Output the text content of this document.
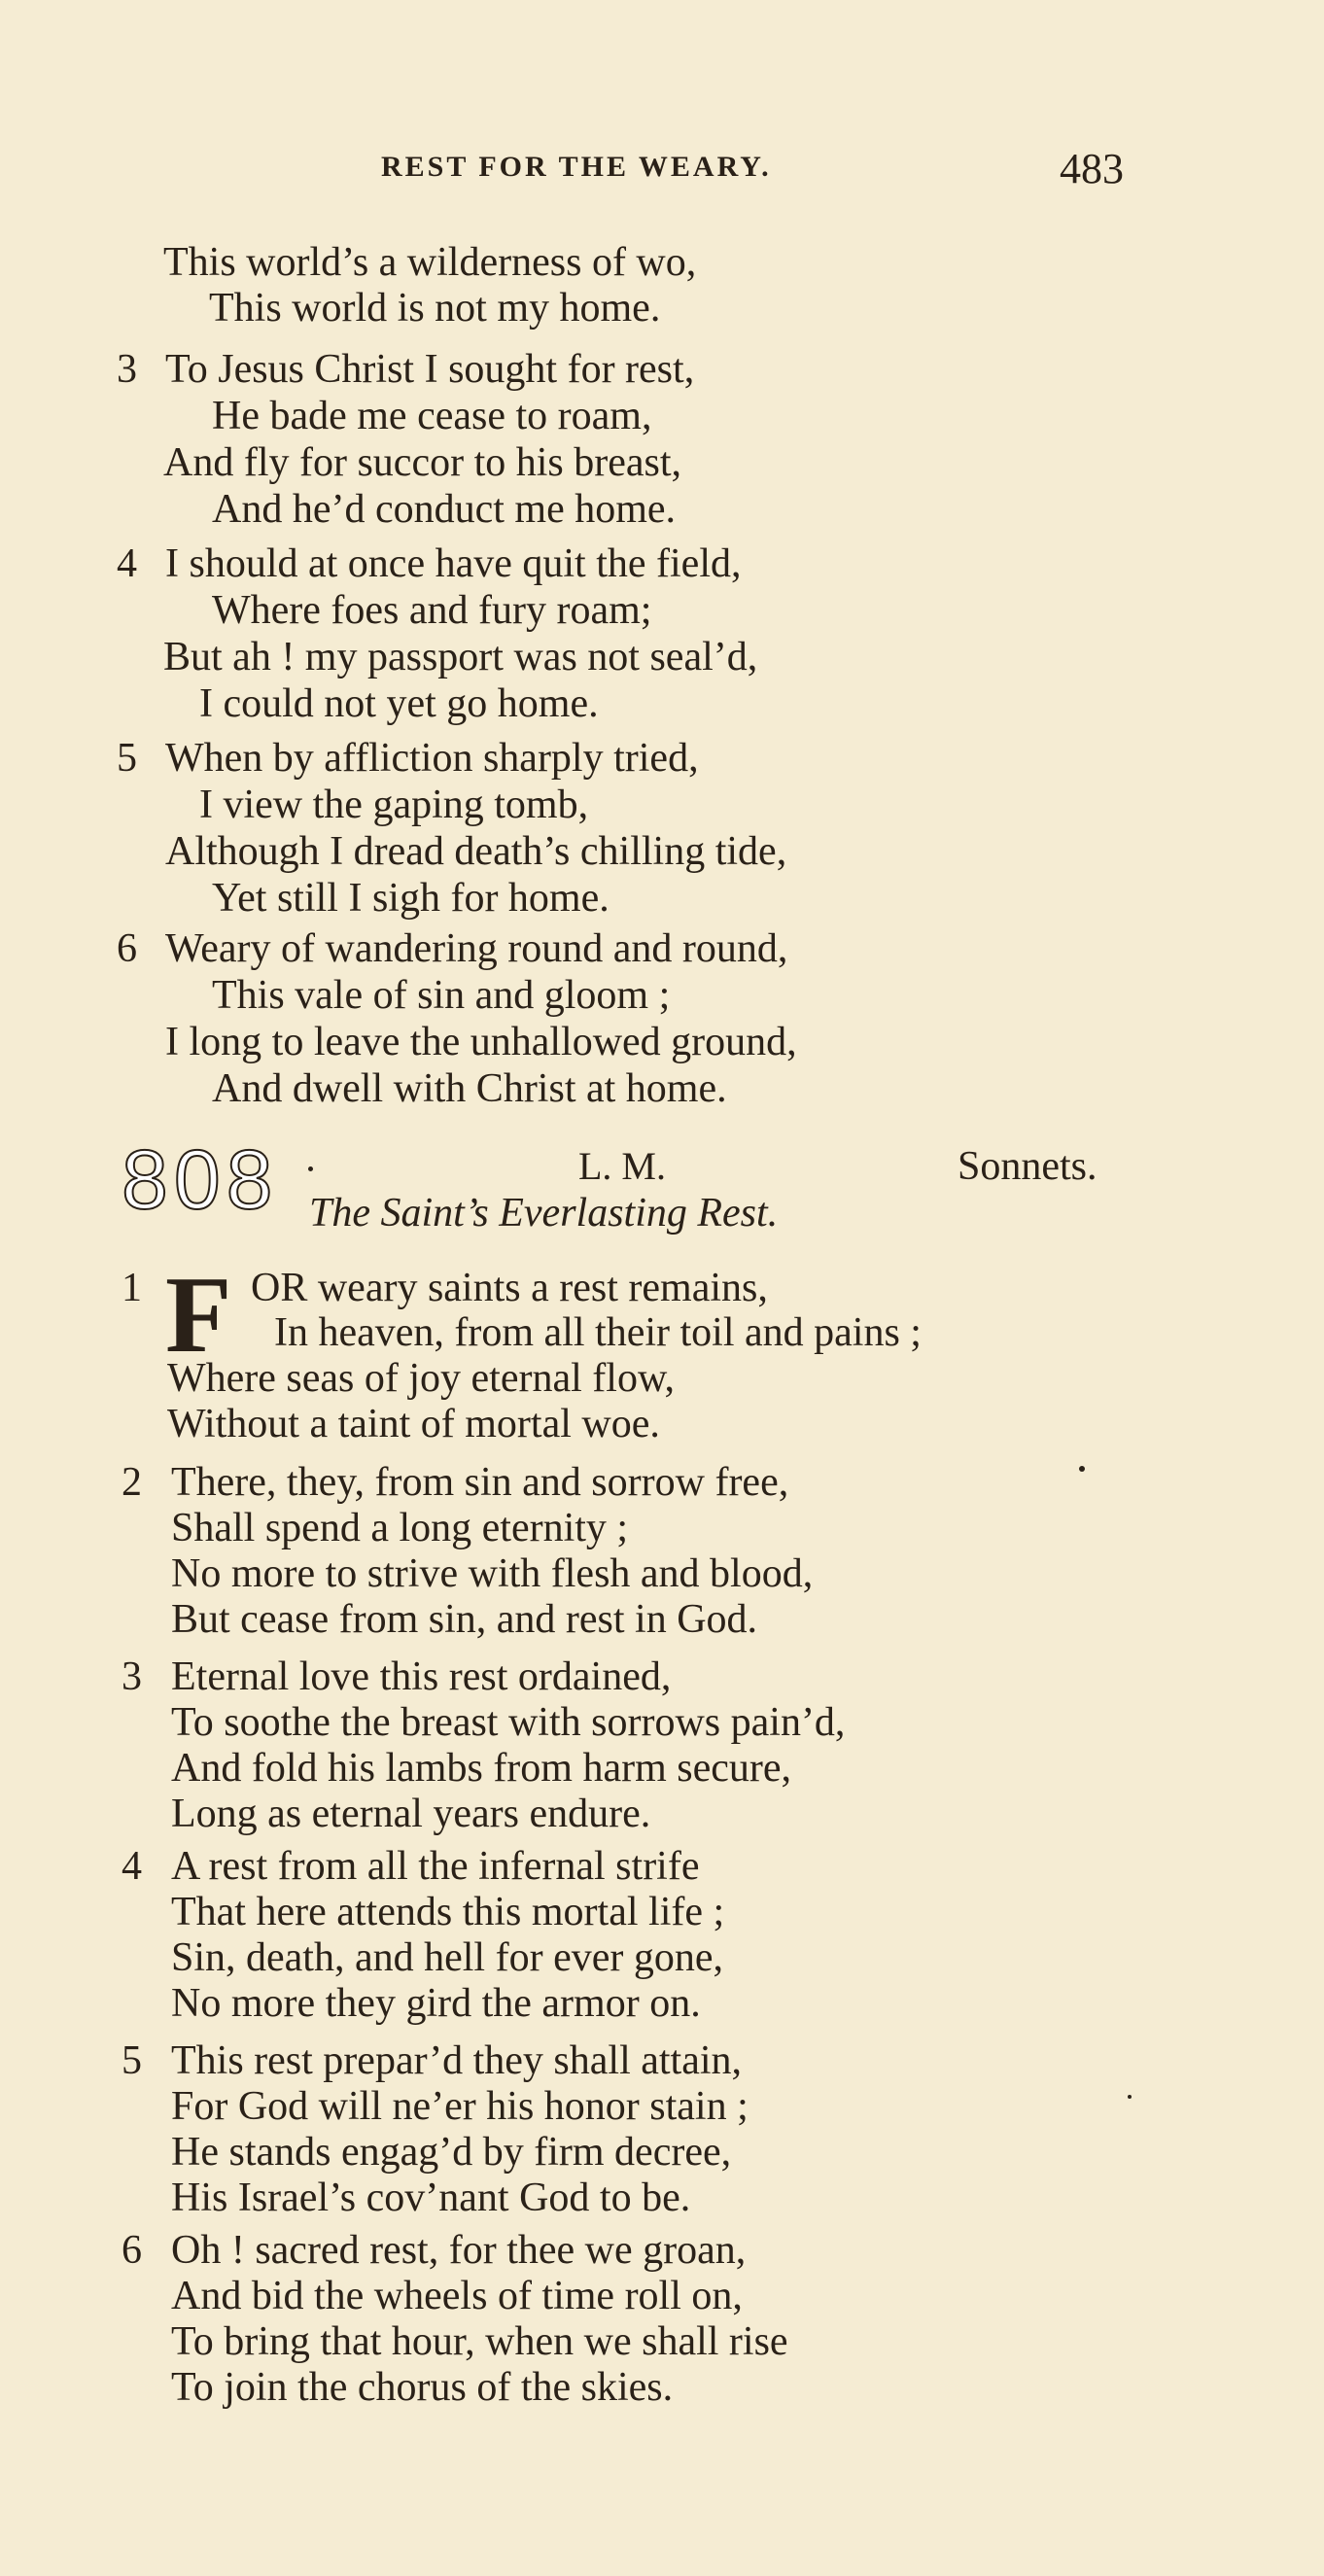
REST FOR THE WEARY.	483
This world’s a wilderness of wo,
This world is not my home.
3 To Jesus Christ I sought for rest,
He bade me cease to roam,
And fly for succor to his breast,
And he’d conduct me home.
4 I should at once have quit the field,
Where foes and fury roam;
But ah ! my passport was not seal’d,
I could not yet go home.
5 When by affliction sharply tried,
I view the gaping tomb,
Although I dread death’s chilling tide,
Yet still I sigh for home.
6 Weary of wandering round and round,
This vale of sin and gloom ;
I long to leave the unhallowed ground,
And dwell with Christ at home.
808	L. M.	Sonnets.
The Saint’s Everlasting Rest.
1 F OR weary saints a rest remains,
In heaven, from all their toil and pains ;
Where seas of joy eternal flow,
Without a taint of mortal woe.
2 There, they, from sin and sorrow free,
Shall spend a long eternity ;
No more to strive with flesh and blood,
But cease from sin, and rest in God.
3 Eternal love this rest ordained,
To soothe the breast with sorrows pain’d,
And fold his lambs from harm secure,
Long as eternal years endure.
4 A rest from all the infernal strife
That here attends this mortal life ;
Sin, death, and hell for ever gone,
No more they gird the armor on.
5 This rest prepar’d they shall attain,
For God will ne’er his honor stain ;
He stands engag’d by firm decree,
His Israel’s cov’nant God to be.
6 Oh ! sacred rest, for thee we groan,
And bid the wheels of time roll on,
To bring that hour, when we shall rise
To join the chorus of the skies.
